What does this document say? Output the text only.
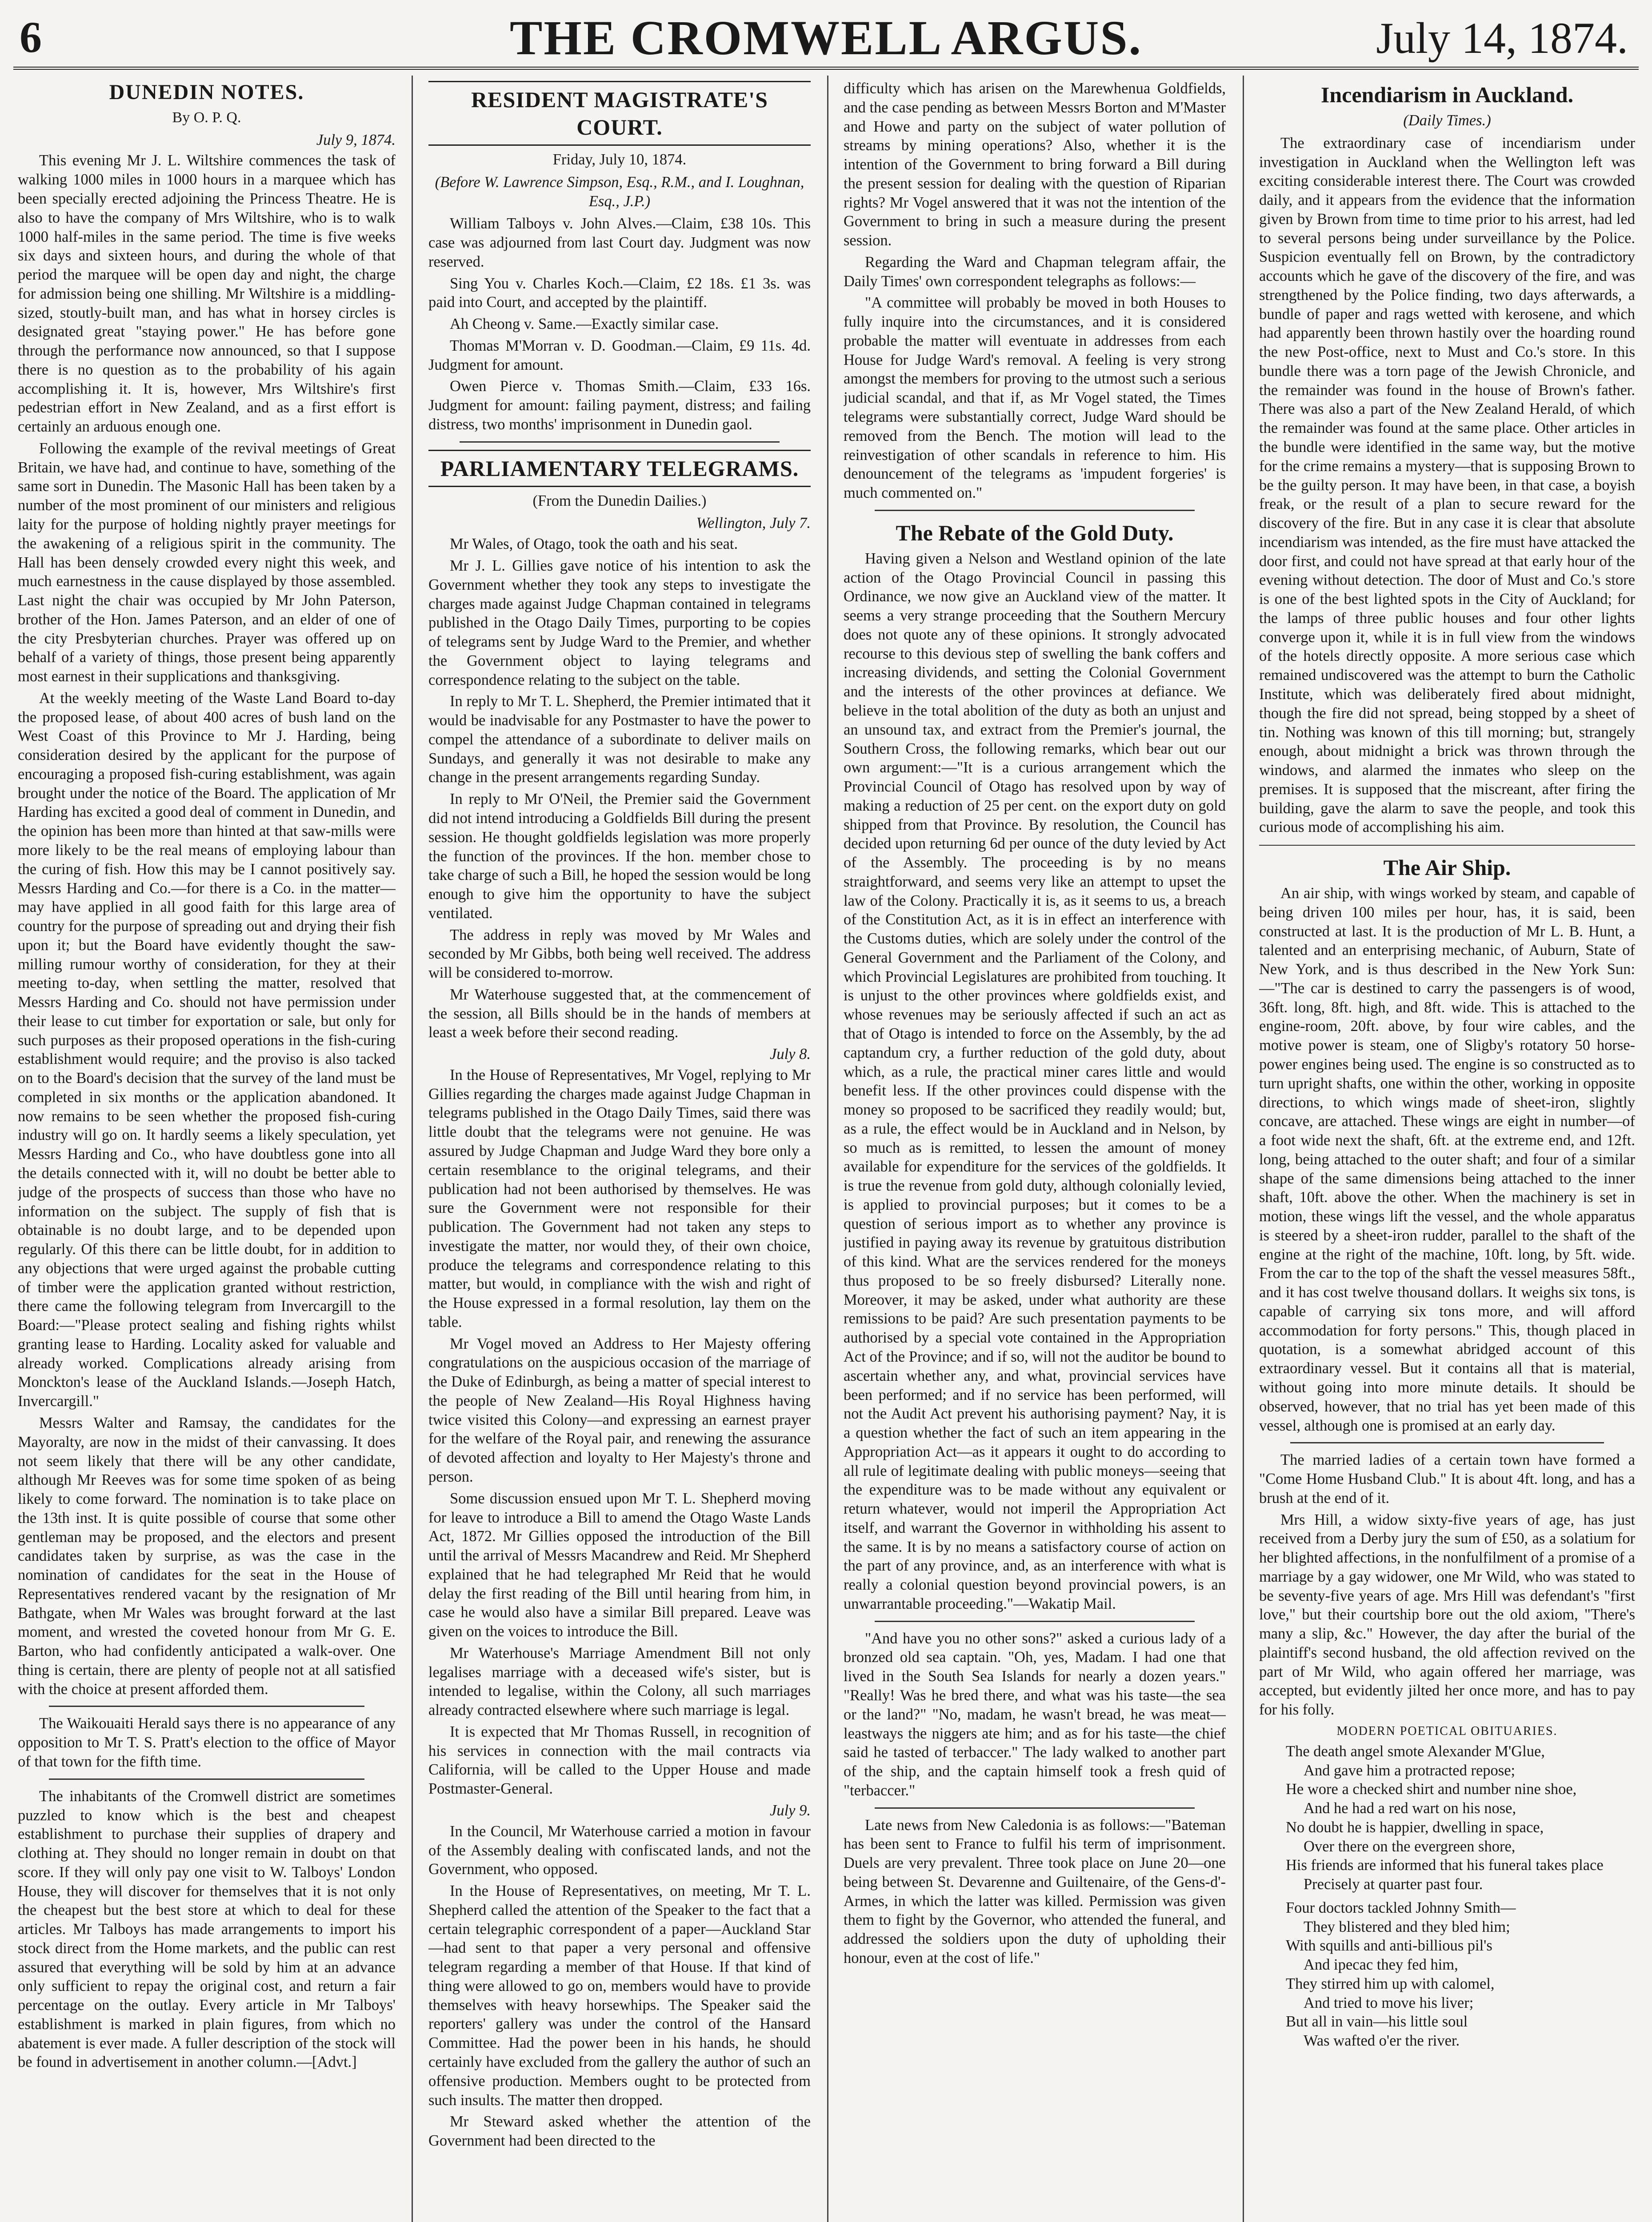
6	THE CROMWELL ARGUS.	July 14, 1874.
DUNEDIN NOTES.
By O. P. Q.
July 9, 1874.

This evening Mr J. L. Wiltshire commences the task of walking 1000 miles in 1000 hours in a marquee which has been specially erected adjoining the Princess Theatre. He is also to have the company of Mrs Wiltshire, who is to walk 1000 half-miles in the same period. The time is five weeks six days and sixteen hours, and during the whole of that period the marquee will be open day and night, the charge for admission being one shilling. Mr Wiltshire is a middling-sized, stoutly-built man, and has what in horsey circles is designated great "staying power." He has before gone through the performance now announced, so that I suppose there is no question as to the probability of his again accomplishing it. It is, however, Mrs Wiltshire's first pedestrian effort in New Zealand, and as a first effort is certainly an arduous enough one.

Following the example of the revival meetings of Great Britain, we have had, and continue to have, something of the same sort in Dunedin. The Masonic Hall has been taken by a number of the most prominent of our ministers and religious laity for the purpose of holding nightly prayer meetings for the awakening of a religious spirit in the community. The Hall has been densely crowded every night this week, and much earnestness in the cause displayed by those assembled. Last night the chair was occupied by Mr John Paterson, brother of the Hon. James Paterson, and an elder of one of the city Presbyterian churches. Prayer was offered up on behalf of a variety of things, those present being apparently most earnest in their supplications and thanksgiving.

At the weekly meeting of the Waste Land Board to-day the proposed lease, of about 400 acres of bush land on the West Coast of this Province to Mr J. Harding, being consideration desired by the applicant for the purpose of encouraging a proposed fish-curing establishment, was again brought under the notice of the Board. The application of Mr Harding has excited a good deal of comment in Dunedin, and the opinion has been more than hinted at that saw-mills were more likely to be the real means of employing labour than the curing of fish. How this may be I cannot positively say. Messrs Harding and Co.—for there is a Co. in the matter—may have applied in all good faith for this large area of country for the purpose of spreading out and drying their fish upon it; but the Board have evidently thought the saw-milling rumour worthy of consideration, for they at their meeting to-day, when settling the matter, resolved that Messrs Harding and Co. should not have permission under their lease to cut timber for exportation or sale, but only for such purposes as their proposed operations in the fish-curing establishment would require; and the proviso is also tacked on to the Board's decision that the survey of the land must be completed in six months or the application abandoned. It now remains to be seen whether the proposed fish-curing industry will go on. It hardly seems a likely speculation, yet Messrs Harding and Co., who have doubtless gone into all the details connected with it, will no doubt be better able to judge of the prospects of success than those who have no information on the subject. The supply of fish that is obtainable is no doubt large, and to be depended upon regularly. Of this there can be little doubt, for in addition to any objections that were urged against the probable cutting of timber were the application granted without restriction, there came the following telegram from Invercargill to the Board:—"Please protect sealing and fishing rights whilst granting lease to Harding. Locality asked for valuable and already worked. Complications already arising from Monckton's lease of the Auckland Islands.—Joseph Hatch, Invercargill."

Messrs Walter and Ramsay, the candidates for the Mayoralty, are now in the midst of their canvassing. It does not seem likely that there will be any other candidate, although Mr Reeves was for some time spoken of as being likely to come forward. The nomination is to take place on the 13th inst. It is quite possible of course that some other gentleman may be proposed, and the electors and present candidates taken by surprise, as was the case in the nomination of candidates for the seat in the House of Representatives rendered vacant by the resignation of Mr Bathgate, when Mr Wales was brought forward at the last moment, and wrested the coveted honour from Mr G. E. Barton, who had confidently anticipated a walk-over. One thing is certain, there are plenty of people not at all satisfied with the choice at present afforded them.

The Waikouaiti Herald says there is no appearance of any opposition to Mr T. S. Pratt's election to the office of Mayor of that town for the fifth time.

The inhabitants of the Cromwell district are sometimes puzzled to know which is the best and cheapest establishment to purchase their supplies of drapery and clothing at. They should no longer remain in doubt on that score. If they will only pay one visit to W. Talboys' London House, they will discover for themselves that it is not only the cheapest but the best store at which to deal for these articles. Mr Talboys has made arrangements to import his stock direct from the Home markets, and the public can rest assured that everything will be sold by him at an advance only sufficient to repay the original cost, and return a fair percentage on the outlay. Every article in Mr Talboys' establishment is marked in plain figures, from which no abatement is ever made. A fuller description of the stock will be found in advertisement in another column.—[Advt.]

RESIDENT MAGISTRATE'S COURT.
Friday, July 10, 1874.
(Before W. Lawrence Simpson, Esq., R.M., and I. Loughnan, Esq., J.P.)

William Talboys v. John Alves.—Claim, £38 10s. This case was adjourned from last Court day. Judgment was now reserved.

Sing You v. Charles Koch.—Claim, £2 18s. £1 3s. was paid into Court, and accepted by the plaintiff.

Ah Cheong v. Same.—Exactly similar case.

Thomas M'Morran v. D. Goodman.—Claim, £9 11s. 4d. Judgment for amount.

Owen Pierce v. Thomas Smith.—Claim, £33 16s. Judgment for amount: failing payment, distress; and failing distress, two months' imprisonment in Dunedin gaol.

PARLIAMENTARY TELEGRAMS.
(From the Dunedin Dailies.)
Wellington, July 7.

Mr Wales, of Otago, took the oath and his seat.

Mr J. L. Gillies gave notice of his intention to ask the Government whether they took any steps to investigate the charges made against Judge Chapman contained in telegrams published in the Otago Daily Times, purporting to be copies of telegrams sent by Judge Ward to the Premier, and whether the Government object to laying telegrams and correspondence relating to the subject on the table.

In reply to Mr T. L. Shepherd, the Premier intimated that it would be inadvisable for any Postmaster to have the power to compel the attendance of a subordinate to deliver mails on Sundays, and generally it was not desirable to make any change in the present arrangements regarding Sunday.

In reply to Mr O'Neil, the Premier said the Government did not intend introducing a Goldfields Bill during the present session. He thought goldfields legislation was more properly the function of the provinces. If the hon. member chose to take charge of such a Bill, he hoped the session would be long enough to give him the opportunity to have the subject ventilated.

The address in reply was moved by Mr Wales and seconded by Mr Gibbs, both being well received. The address will be considered to-morrow.

Mr Waterhouse suggested that, at the commencement of the session, all Bills should be in the hands of members at least a week before their second reading.

July 8.

In the House of Representatives, Mr Vogel, replying to Mr Gillies regarding the charges made against Judge Chapman in telegrams published in the Otago Daily Times, said there was little doubt that the telegrams were not genuine. He was assured by Judge Chapman and Judge Ward they bore only a certain resemblance to the original telegrams, and their publication had not been authorised by themselves. He was sure the Government were not responsible for their publication. The Government had not taken any steps to investigate the matter, nor would they, of their own choice, produce the telegrams and correspondence relating to this matter, but would, in compliance with the wish and right of the House expressed in a formal resolution, lay them on the table.

Mr Vogel moved an Address to Her Majesty offering congratulations on the auspicious occasion of the marriage of the Duke of Edinburgh, as being a matter of special interest to the people of New Zealand—His Royal Highness having twice visited this Colony—and expressing an earnest prayer for the welfare of the Royal pair, and renewing the assurance of devoted affection and loyalty to Her Majesty's throne and person.

Some discussion ensued upon Mr T. L. Shepherd moving for leave to introduce a Bill to amend the Otago Waste Lands Act, 1872. Mr Gillies opposed the introduction of the Bill until the arrival of Messrs Macandrew and Reid. Mr Shepherd explained that he had telegraphed Mr Reid that he would delay the first reading of the Bill until hearing from him, in case he would also have a similar Bill prepared. Leave was given on the voices to introduce the Bill.

Mr Waterhouse's Marriage Amendment Bill not only legalises marriage with a deceased wife's sister, but is intended to legalise, within the Colony, all such marriages already contracted elsewhere where such marriage is legal.

It is expected that Mr Thomas Russell, in recognition of his services in connection with the mail contracts via California, will be called to the Upper House and made Postmaster-General.

July 9.

In the Council, Mr Waterhouse carried a motion in favour of the Assembly dealing with confiscated lands, and not the Government, who opposed.

In the House of Representatives, on meeting, Mr T. L. Shepherd called the attention of the Speaker to the fact that a certain telegraphic correspondent of a paper—Auckland Star—had sent to that paper a very personal and offensive telegram regarding a member of that House. If that kind of thing were allowed to go on, members would have to provide themselves with heavy horsewhips. The Speaker said the reporters' gallery was under the control of the Hansard Committee. Had the power been in his hands, he should certainly have excluded from the gallery the author of such an offensive production. Members ought to be protected from such insults. The matter then dropped.

Mr Steward asked whether the attention of the Government had been directed to the

difficulty which has arisen on the Marewhenua Goldfields, and the case pending as between Messrs Borton and M'Master and Howe and party on the subject of water pollution of streams by mining operations? Also, whether it is the intention of the Government to bring forward a Bill during the present session for dealing with the question of Riparian rights? Mr Vogel answered that it was not the intention of the Government to bring in such a measure during the present session.

Regarding the Ward and Chapman telegram affair, the Daily Times' own correspondent telegraphs as follows:—

"A committee will probably be moved in both Houses to fully inquire into the circumstances, and it is considered probable the matter will eventuate in addresses from each House for Judge Ward's removal. A feeling is very strong amongst the members for proving to the utmost such a serious judicial scandal, and that if, as Mr Vogel stated, the Times telegrams were substantially correct, Judge Ward should be removed from the Bench. The motion will lead to the reinvestigation of other scandals in reference to him. His denouncement of the telegrams as 'impudent forgeries' is much commented on."

The Rebate of the Gold Duty.

Having given a Nelson and Westland opinion of the late action of the Otago Provincial Council in passing this Ordinance, we now give an Auckland view of the matter. It seems a very strange proceeding that the Southern Mercury does not quote any of these opinions. It strongly advocated recourse to this devious step of swelling the bank coffers and increasing dividends, and setting the Colonial Government and the interests of the other provinces at defiance. We believe in the total abolition of the duty as both an unjust and an unsound tax, and extract from the Premier's journal, the Southern Cross, the following remarks, which bear out our own argument:—"It is a curious arrangement which the Provincial Council of Otago has resolved upon by way of making a reduction of 25 per cent. on the export duty on gold shipped from that Province. By resolution, the Council has decided upon returning 6d per ounce of the duty levied by Act of the Assembly. The proceeding is by no means straightforward, and seems very like an attempt to upset the law of the Colony. Practically it is, as it seems to us, a breach of the Constitution Act, as it is in effect an interference with the Customs duties, which are solely under the control of the General Government and the Parliament of the Colony, and which Provincial Legislatures are prohibited from touching. It is unjust to the other provinces where goldfields exist, and whose revenues may be seriously affected if such an act as that of Otago is intended to force on the Assembly, by the ad captandum cry, a further reduction of the gold duty, about which, as a rule, the practical miner cares little and would benefit less. If the other provinces could dispense with the money so proposed to be sacrificed they readily would; but, as a rule, the effect would be in Auckland and in Nelson, by so much as is remitted, to lessen the amount of money available for expenditure for the services of the goldfields. It is true the revenue from gold duty, although colonially levied, is applied to provincial purposes; but it comes to be a question of serious import as to whether any province is justified in paying away its revenue by gratuitous distribution of this kind. What are the services rendered for the moneys thus proposed to be so freely disbursed? Literally none. Moreover, it may be asked, under what authority are these remissions to be paid? Are such presentation payments to be authorised by a special vote contained in the Appropriation Act of the Province; and if so, will not the auditor be bound to ascertain whether any, and what, provincial services have been performed; and if no service has been performed, will not the Audit Act prevent his authorising payment? Nay, it is a question whether the fact of such an item appearing in the Appropriation Act—as it appears it ought to do according to all rule of legitimate dealing with public moneys—seeing that the expenditure was to be made without any equivalent or return whatever, would not imperil the Appropriation Act itself, and warrant the Governor in withholding his assent to the same. It is by no means a satisfactory course of action on the part of any province, and, as an interference with what is really a colonial question beyond provincial powers, is an unwarrantable proceeding."—Wakatip Mail.

"And have you no other sons?" asked a curious lady of a bronzed old sea captain. "Oh, yes, Madam. I had one that lived in the South Sea Islands for nearly a dozen years." "Really! Was he bred there, and what was his taste—the sea or the land?" "No, madam, he wasn't bread, he was meat—leastways the niggers ate him; and as for his taste—the chief said he tasted of terbaccer." The lady walked to another part of the ship, and the captain himself took a fresh quid of "terbaccer."

Late news from New Caledonia is as follows:—"Bateman has been sent to France to fulfil his term of imprisonment. Duels are very prevalent. Three took place on June 20—one being between St. Devarenne and Guiltenaire, of the Gens-d'-Armes, in which the latter was killed. Permission was given them to fight by the Governor, who attended the funeral, and addressed the soldiers upon the duty of upholding their honour, even at the cost of life."

Incendiarism in Auckland.
(Daily Times.)

The extraordinary case of incendiarism under investigation in Auckland when the Wellington left was exciting considerable interest there. The Court was crowded daily, and it appears from the evidence that the information given by Brown from time to time prior to his arrest, had led to several persons being under surveillance by the Police. Suspicion eventually fell on Brown, by the contradictory accounts which he gave of the discovery of the fire, and was strengthened by the Police finding, two days afterwards, a bundle of paper and rags wetted with kerosene, and which had apparently been thrown hastily over the hoarding round the new Post-office, next to Must and Co.'s store. In this bundle there was a torn page of the Jewish Chronicle, and the remainder was found in the house of Brown's father. There was also a part of the New Zealand Herald, of which the remainder was found at the same place. Other articles in the bundle were identified in the same way, but the motive for the crime remains a mystery—that is supposing Brown to be the guilty person. It may have been, in that case, a boyish freak, or the result of a plan to secure reward for the discovery of the fire. But in any case it is clear that absolute incendiarism was intended, as the fire must have attacked the door first, and could not have spread at that early hour of the evening without detection. The door of Must and Co.'s store is one of the best lighted spots in the City of Auckland; for the lamps of three public houses and four other lights converge upon it, while it is in full view from the windows of the hotels directly opposite. A more serious case which remained undiscovered was the attempt to burn the Catholic Institute, which was deliberately fired about midnight, though the fire did not spread, being stopped by a sheet of tin. Nothing was known of this till morning; but, strangely enough, about midnight a brick was thrown through the windows, and alarmed the inmates who sleep on the premises. It is supposed that the miscreant, after firing the building, gave the alarm to save the people, and took this curious mode of accomplishing his aim.

The Air Ship.

An air ship, with wings worked by steam, and capable of being driven 100 miles per hour, has, it is said, been constructed at last. It is the production of Mr L. B. Hunt, a talented and an enterprising mechanic, of Auburn, State of New York, and is thus described in the New York Sun:—"The car is destined to carry the passengers is of wood, 36ft. long, 8ft. high, and 8ft. wide. This is attached to the engine-room, 20ft. above, by four wire cables, and the motive power is steam, one of Sligby's rotatory 50 horse-power engines being used. The engine is so constructed as to turn upright shafts, one within the other, working in opposite directions, to which wings made of sheet-iron, slightly concave, are attached. These wings are eight in number—of a foot wide next the shaft, 6ft. at the extreme end, and 12ft. long, being attached to the outer shaft; and four of a similar shape of the same dimensions being attached to the inner shaft, 10ft. above the other. When the machinery is set in motion, these wings lift the vessel, and the whole apparatus is steered by a sheet-iron rudder, parallel to the shaft of the engine at the right of the machine, 10ft. long, by 5ft. wide. From the car to the top of the shaft the vessel measures 58ft., and it has cost twelve thousand dollars. It weighs six tons, is capable of carrying six tons more, and will afford accommodation for forty persons." This, though placed in quotation, is a somewhat abridged account of this extraordinary vessel. But it contains all that is material, without going into more minute details. It should be observed, however, that no trial has yet been made of this vessel, although one is promised at an early day.

The married ladies of a certain town have formed a "Come Home Husband Club." It is about 4ft. long, and has a brush at the end of it.

Mrs Hill, a widow sixty-five years of age, has just received from a Derby jury the sum of £50, as a solatium for her blighted affections, in the nonfulfilment of a promise of a marriage by a gay widower, one Mr Wild, who was stated to be seventy-five years of age. Mrs Hill was defendant's "first love," but their courtship bore out the old axiom, "There's many a slip, &c." However, the day after the burial of the plaintiff's second husband, the old affection revived on the part of Mr Wild, who again offered her marriage, was accepted, but evidently jilted her once more, and has to pay for his folly.

MODERN POETICAL OBITUARIES.
The death angel smote Alexander M'Glue,
And gave him a protracted repose;
He wore a checked shirt and number nine shoe,
And he had a red wart on his nose,
No doubt he is happier, dwelling in space,
Over there on the evergreen shore,
His friends are informed that his funeral takes place
Precisely at quarter past four.
Four doctors tackled Johnny Smith—
They blistered and they bled him;
With squills and anti-billious pil's
And ipecac they fed him,
They stirred him up with calomel,
And tried to move his liver;
But all in vain—his little soul
Was wafted o'er the river.
